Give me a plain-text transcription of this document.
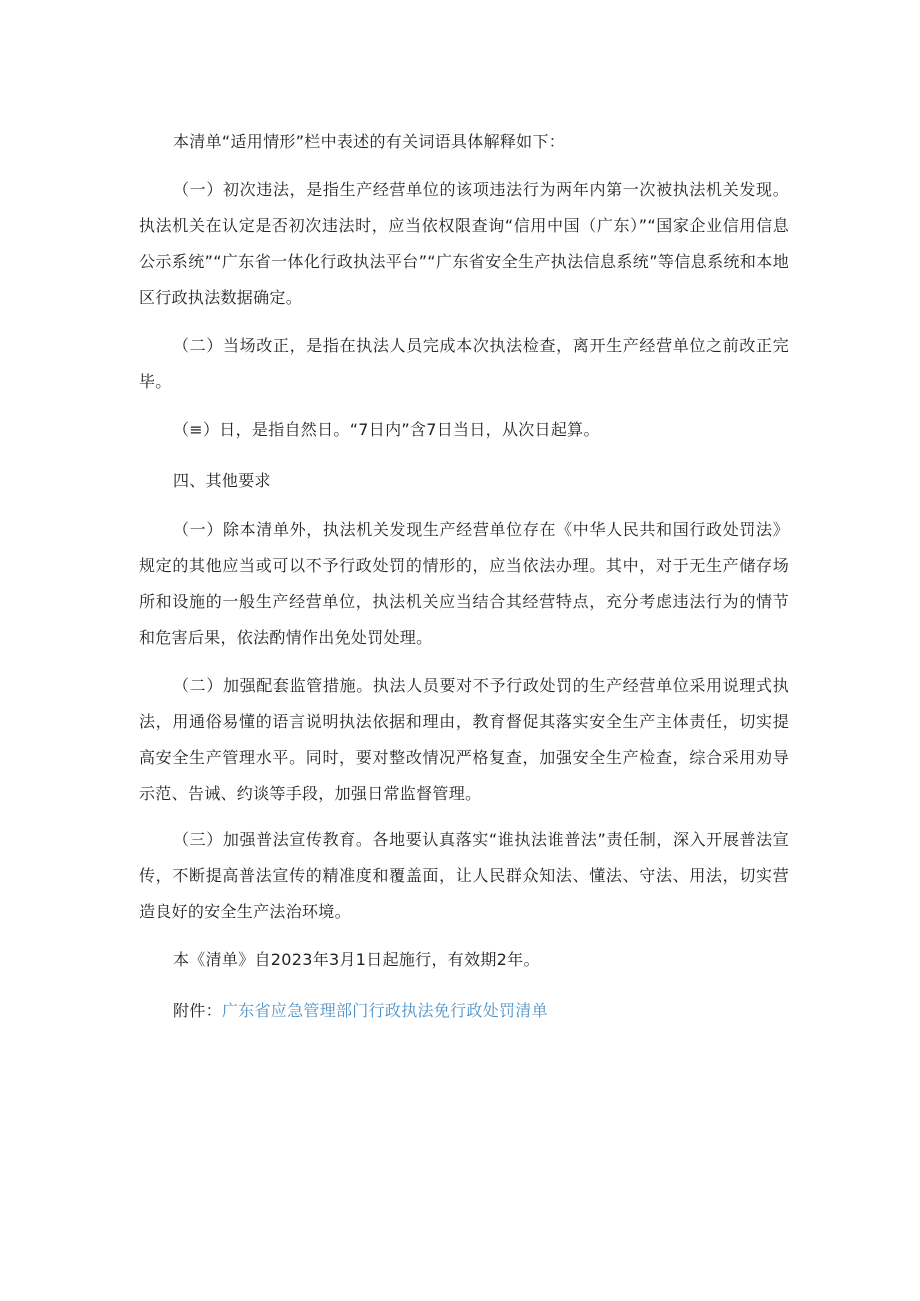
本清单“适用情形”栏中表述的有关词语具体解释如下：

（一）初次违法，是指生产经营单位的该项违法行为两年内第一次被执法机关发现。执法机关在认定是否初次违法时，应当依权限查询“信用中国（广东）”“国家企业信用信息公示系统”“广东省一体化行政执法平台”“广东省安全生产执法信息系统”等信息系统和本地区行政执法数据确定。

（二）当场改正，是指在执法人员完成本次执法检查，离开生产经营单位之前改正完毕。

（≡）日，是指自然日。“7日内”含7日当日，从次日起算。

四、其他要求

（一）除本清单外，执法机关发现生产经营单位存在《中华人民共和国行政处罚法》规定的其他应当或可以不予行政处罚的情形的，应当依法办理。其中，对于无生产储存场所和设施的一般生产经营单位，执法机关应当结合其经营特点，充分考虑违法行为的情节和危害后果，依法酌情作出免处罚处理。

（二）加强配套监管措施。执法人员要对不予行政处罚的生产经营单位采用说理式执法，用通俗易懂的语言说明执法依据和理由，教育督促其落实安全生产主体责任，切实提高安全生产管理水平。同时，要对整改情况严格复查，加强安全生产检查，综合采用劝导示范、告诫、约谈等手段，加强日常监督管理。

（三）加强普法宣传教育。各地要认真落实“谁执法谁普法”责任制，深入开展普法宣传，不断提高普法宣传的精准度和覆盖面，让人民群众知法、懂法、守法、用法，切实营造良好的安全生产法治环境。

本《清单》自2023年3月1日起施行，有效期2年。

附件：广东省应急管理部门行政执法免行政处罚清单
